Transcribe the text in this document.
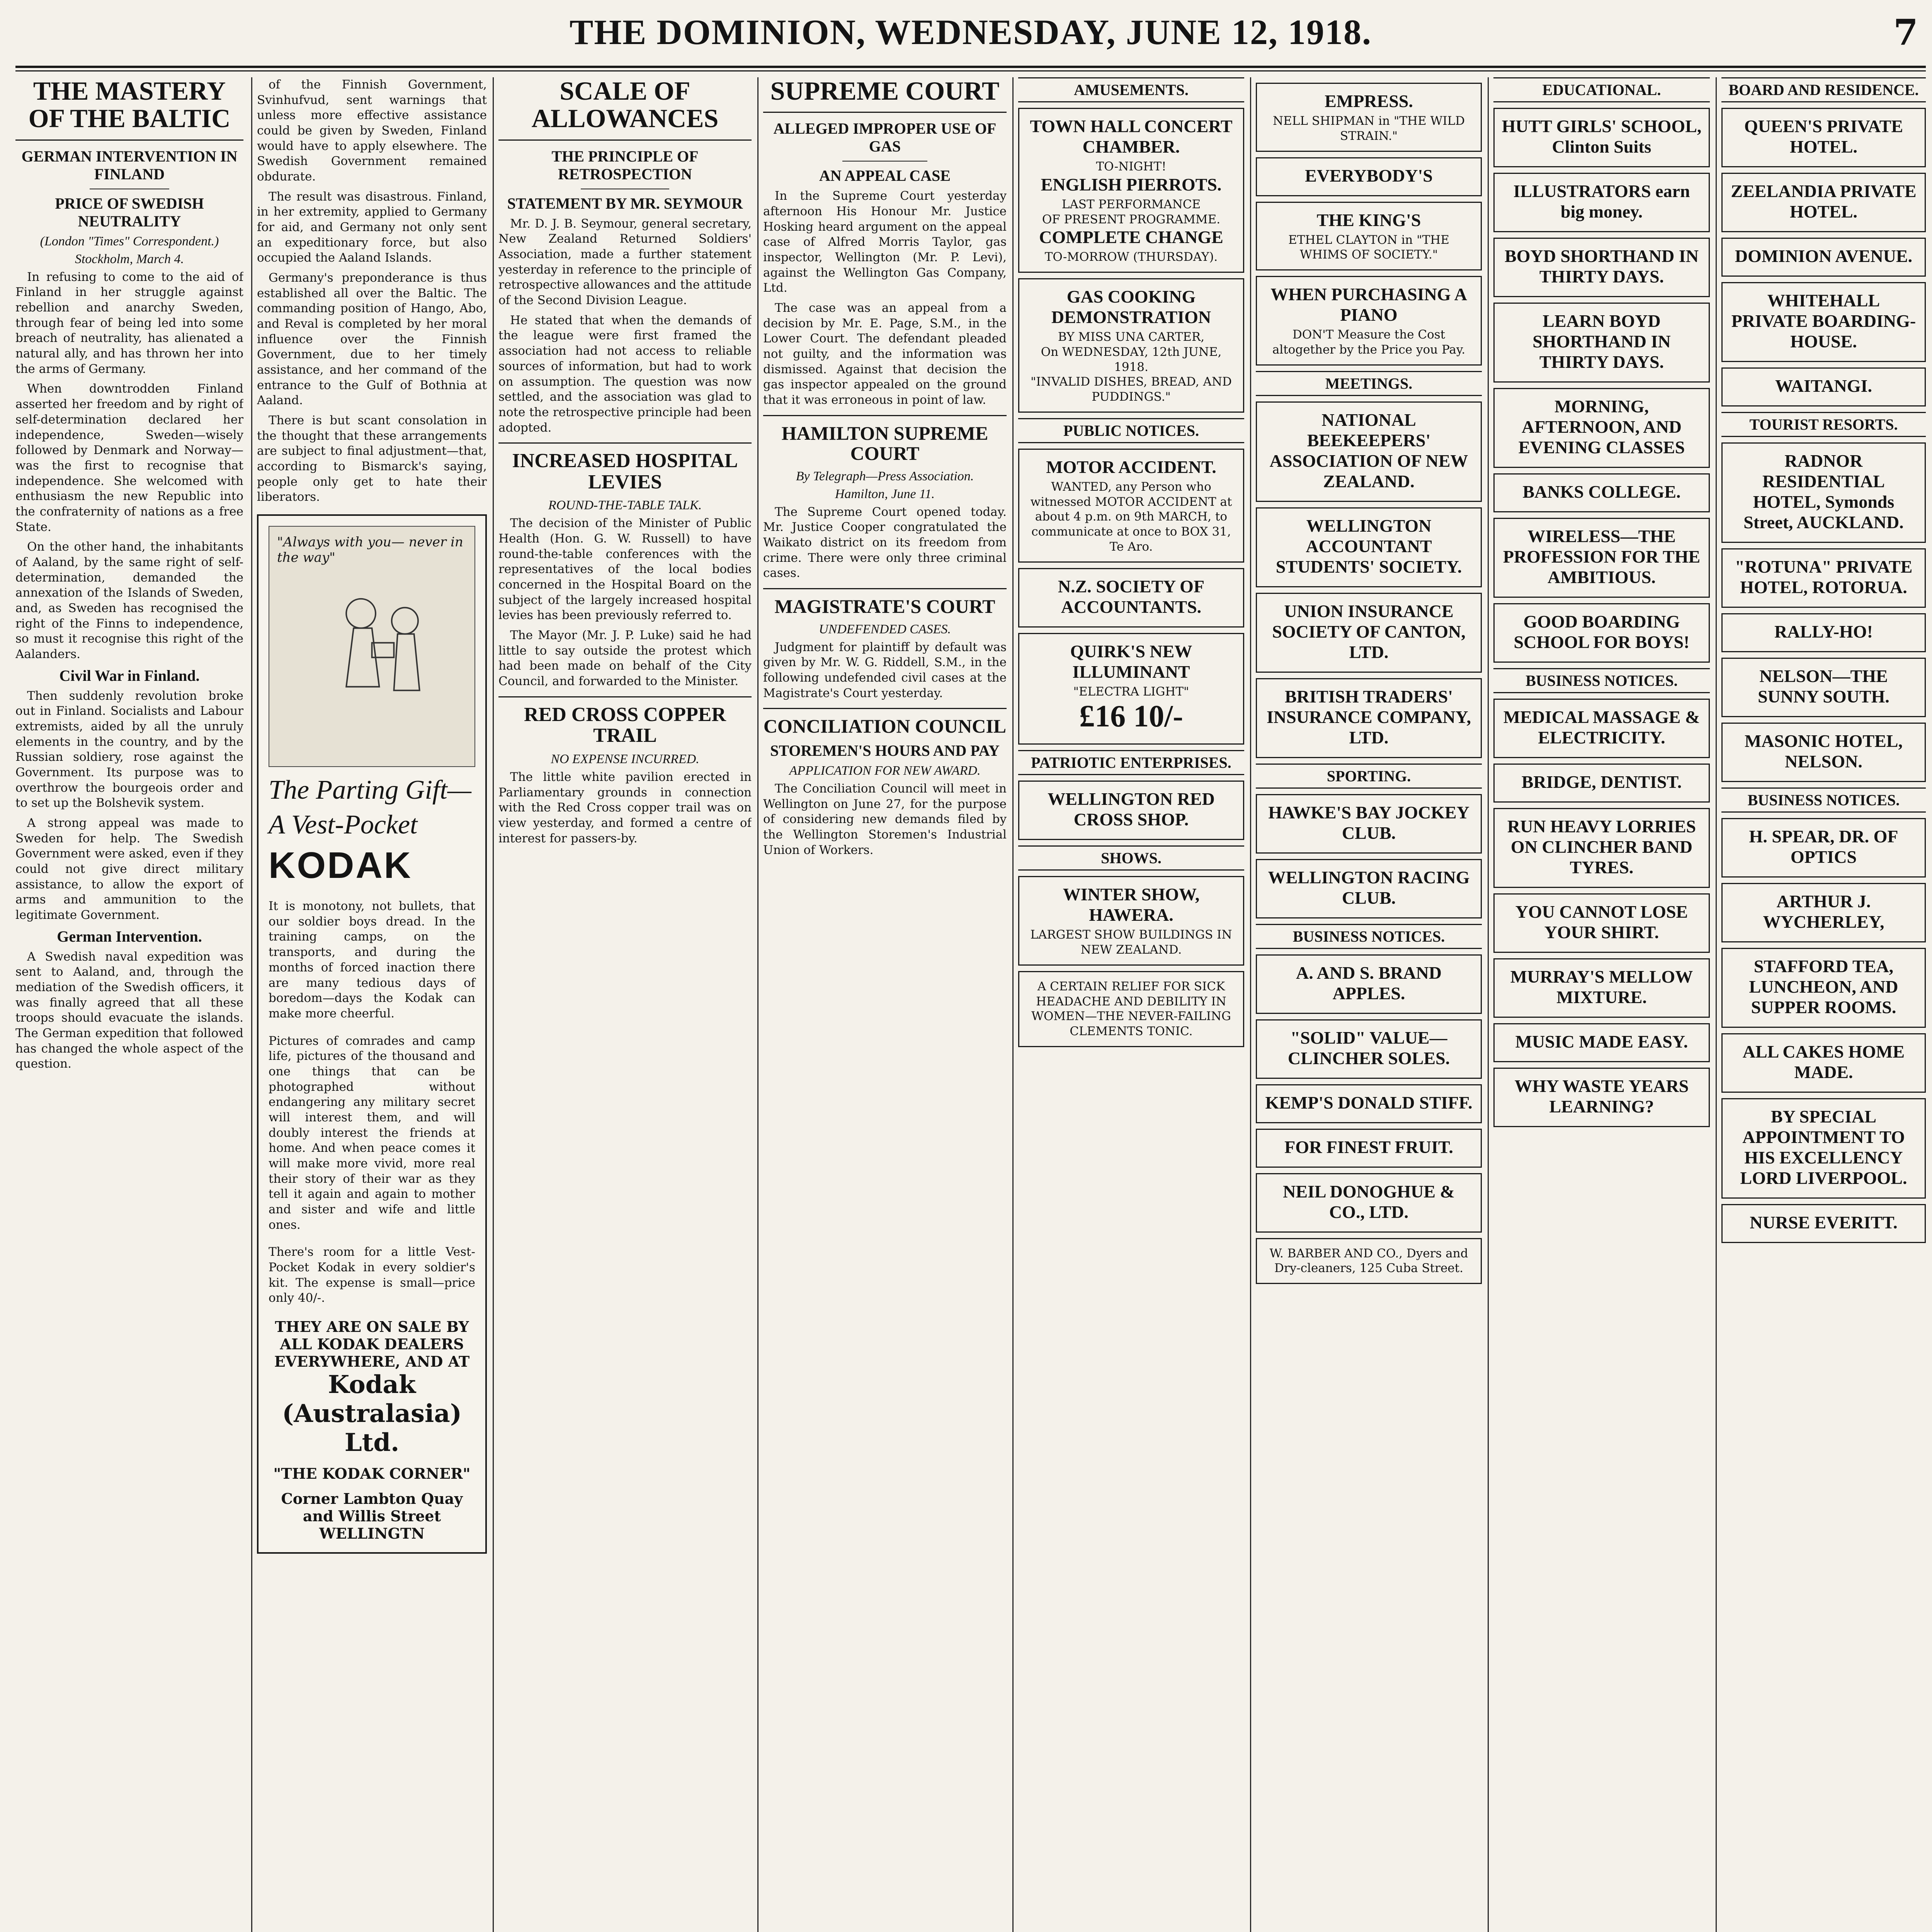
THE DOMINION, WEDNESDAY, JUNE 12, 1918.	7
THE MASTERY OF THE BALTIC
GERMAN INTERVENTION IN FINLAND
PRICE OF SWEDISH NEUTRALITY
(London "Times" Correspondent.)
Stockholm, March 4.

In refusing to come to the aid of Finland in her struggle against rebellion and anarchy Sweden, through fear of being led into some breach of neutrality, has alienated a natural ally, and has thrown her into the arms of Germany.

When downtrodden Finland asserted her freedom and by right of self-determination declared her independence, Sweden—wisely followed by Denmark and Norway—was the first to recognise that independence. She welcomed with enthusiasm the new Republic into the confraternity of nations as a free State.

On the other hand, the inhabitants of Aaland, by the same right of self-determination, demanded the annexation of the Islands of Sweden, and, as Sweden has recognised the right of the Finns to independence, so must it recognise this right of the Aalanders.

Civil War in Finland.

Then suddenly revolution broke out in Finland. Socialists and Labour extremists, aided by all the unruly elements in the country, and by the Russian soldiery, rose against the Government. Its purpose was to overthrow the bourgeois order and to set up the Bolshevik system.

A strong appeal was made to Sweden for help. The Swedish Government were asked, even if they could not give direct military assistance, to allow the export of arms and ammunition to the legitimate Government.

German Intervention.

A Swedish naval expedition was sent to Aaland, and, through the mediation of the Swedish officers, it was finally agreed that all these troops should evacuate the islands. The German expedition that followed has changed the whole aspect of the question.

of the Finnish Government, Svinhufvud, sent warnings that unless more effective assistance could be given by Sweden, Finland would have to apply elsewhere. The Swedish Government remained obdurate.

The result was disastrous. Finland, in her extremity, applied to Germany for aid, and Germany not only sent an expeditionary force, but also occupied the Aaland Islands.

Germany's preponderance is thus established all over the Baltic. The commanding position of Hango, Abo, and Reval is completed by her moral influence over the Finnish Government, due to her timely assistance, and her command of the entrance to the Gulf of Bothnia at Aaland.

There is but scant consolation in the thought that these arrangements are subject to final adjustment—that, according to Bismarck's saying, people only get to hate their liberators.

"Always with you— never in the way"
The Parting Gift—
A Vest-Pocket
KODAK

It is monotony, not bullets, that our soldier boys dread. In the training camps, on the transports, and during the months of forced inaction there are many tedious days of boredom—days the Kodak can make more cheerful.

Pictures of comrades and camp life, pictures of the thousand and one things that can be photographed without endangering any military secret will interest them, and will doubly interest the friends at home. And when peace comes it will make more vivid, more real their story of their war as they tell it again and again to mother and sister and wife and little ones.

There's room for a little Vest-Pocket Kodak in every soldier's kit. The expense is small—price only 40/-.

THEY ARE ON SALE BY ALL KODAK DEALERS EVERYWHERE, AND AT
Kodak (Australasia) Ltd.
"THE KODAK CORNER"
Corner Lambton Quay and Willis Street WELLINGTN
SCALE OF ALLOWANCES
THE PRINCIPLE OF RETROSPECTION
STATEMENT BY MR. SEYMOUR

Mr. D. J. B. Seymour, general secretary, New Zealand Returned Soldiers' Association, made a further statement yesterday in reference to the principle of retrospective allowances and the attitude of the Second Division League.

He stated that when the demands of the league were first framed the association had not access to reliable sources of information, but had to work on assumption. The question was now settled, and the association was glad to note the retrospective principle had been adopted.

INCREASED HOSPITAL LEVIES
ROUND-THE-TABLE TALK.

The decision of the Minister of Public Health (Hon. G. W. Russell) to have round-the-table conferences with the representatives of the local bodies concerned in the Hospital Board on the subject of the largely increased hospital levies has been previously referred to.

The Mayor (Mr. J. P. Luke) said he had little to say outside the protest which had been made on behalf of the City Council, and forwarded to the Minister.

RED CROSS COPPER TRAIL
NO EXPENSE INCURRED.

The little white pavilion erected in Parliamentary grounds in connection with the Red Cross copper trail was on view yesterday, and formed a centre of interest for passers-by.

SUPREME COURT
ALLEGED IMPROPER USE OF GAS
AN APPEAL CASE

In the Supreme Court yesterday afternoon His Honour Mr. Justice Hosking heard argument on the appeal case of Alfred Morris Taylor, gas inspector, Wellington (Mr. P. Levi), against the Wellington Gas Company, Ltd.

The case was an appeal from a decision by Mr. E. Page, S.M., in the Lower Court. The defendant pleaded not guilty, and the information was dismissed. Against that decision the gas inspector appealed on the ground that it was erroneous in point of law.

HAMILTON SUPREME COURT
By Telegraph—Press Association.
Hamilton, June 11.

The Supreme Court opened today. Mr. Justice Cooper congratulated the Waikato district on its freedom from crime. There were only three criminal cases.

MAGISTRATE'S COURT
UNDEFENDED CASES.

Judgment for plaintiff by default was given by Mr. W. G. Riddell, S.M., in the following undefended civil cases at the Magistrate's Court yesterday.

CONCILIATION COUNCIL
STOREMEN'S HOURS AND PAY
APPLICATION FOR NEW AWARD.

The Conciliation Council will meet in Wellington on June 27, for the purpose of considering new demands filed by the Wellington Storemen's Industrial Union of Workers.

AMUSEMENTS.
TOWN HALL CONCERT CHAMBER.
TO-NIGHT!
ENGLISH PIERROTS.
LAST PERFORMANCE
OF PRESENT PROGRAMME.
COMPLETE CHANGE
TO-MORROW (THURSDAY).
GAS COOKING DEMONSTRATION
BY MISS UNA CARTER,
On WEDNESDAY, 12th JUNE, 1918.
"INVALID DISHES, BREAD, AND PUDDINGS."
PUBLIC NOTICES.
MOTOR ACCIDENT.
WANTED, any Person who witnessed MOTOR ACCIDENT at about 4 p.m. on 9th MARCH, to communicate at once to BOX 31, Te Aro.
N.Z. SOCIETY OF ACCOUNTANTS.
QUIRK'S NEW ILLUMINANT
"ELECTRA LIGHT"
£16 10/-
PATRIOTIC ENTERPRISES.
WELLINGTON RED CROSS SHOP.
SHOWS.
WINTER SHOW, HAWERA.
LARGEST SHOW BUILDINGS IN NEW ZEALAND.
A CERTAIN RELIEF FOR SICK HEADACHE AND DEBILITY IN WOMEN—THE NEVER-FAILING CLEMENTS TONIC.
EMPRESS.
NELL SHIPMAN in "THE WILD STRAIN."
EVERYBODY'S
THE KING'S
ETHEL CLAYTON in "THE WHIMS OF SOCIETY."
WHEN PURCHASING A PIANO
DON'T Measure the Cost altogether by the Price you Pay.
MEETINGS.
NATIONAL BEEKEEPERS' ASSOCIATION OF NEW ZEALAND.
WELLINGTON ACCOUNTANT STUDENTS' SOCIETY.
UNION INSURANCE SOCIETY OF CANTON, LTD.
BRITISH TRADERS' INSURANCE COMPANY, LTD.
SPORTING.
HAWKE'S BAY JOCKEY CLUB.
WELLINGTON RACING CLUB.
BUSINESS NOTICES.
A. AND S. BRAND APPLES.
"SOLID" VALUE— CLINCHER SOLES.
KEMP'S DONALD STIFF.
FOR FINEST FRUIT.
NEIL DONOGHUE & CO., LTD.
W. BARBER AND CO., Dyers and Dry-cleaners, 125 Cuba Street.
EDUCATIONAL.
HUTT GIRLS' SCHOOL, Clinton Suits
ILLUSTRATORS earn big money.
BOYD SHORTHAND IN THIRTY DAYS.
LEARN BOYD SHORTHAND IN THIRTY DAYS.
MORNING, AFTERNOON, AND EVENING CLASSES
BANKS COLLEGE.
WIRELESS—THE PROFESSION FOR THE AMBITIOUS.
GOOD BOARDING SCHOOL FOR BOYS!
BUSINESS NOTICES.
MEDICAL MASSAGE & ELECTRICITY.
BRIDGE, DENTIST.
RUN HEAVY LORRIES ON CLINCHER BAND TYRES.
YOU CANNOT LOSE YOUR SHIRT.
MURRAY'S MELLOW MIXTURE.
MUSIC MADE EASY.
WHY WASTE YEARS LEARNING?
BOARD AND RESIDENCE.
QUEEN'S PRIVATE HOTEL.
ZEELANDIA PRIVATE HOTEL.
DOMINION AVENUE.
WHITEHALL PRIVATE BOARDING-HOUSE.
WAITANGI.
TOURIST RESORTS.
RADNOR RESIDENTIAL HOTEL, Symonds Street, AUCKLAND.
"ROTUNA" PRIVATE HOTEL, ROTORUA.
RALLY-HO!
NELSON—THE SUNNY SOUTH.
MASONIC HOTEL, NELSON.
BUSINESS NOTICES.
H. SPEAR, DR. OF OPTICS
ARTHUR J. WYCHERLEY,
STAFFORD TEA, LUNCHEON, AND SUPPER ROOMS.
ALL CAKES HOME MADE.
BY SPECIAL APPOINTMENT TO HIS EXCELLENCY LORD LIVERPOOL.
NURSE EVERITT.
